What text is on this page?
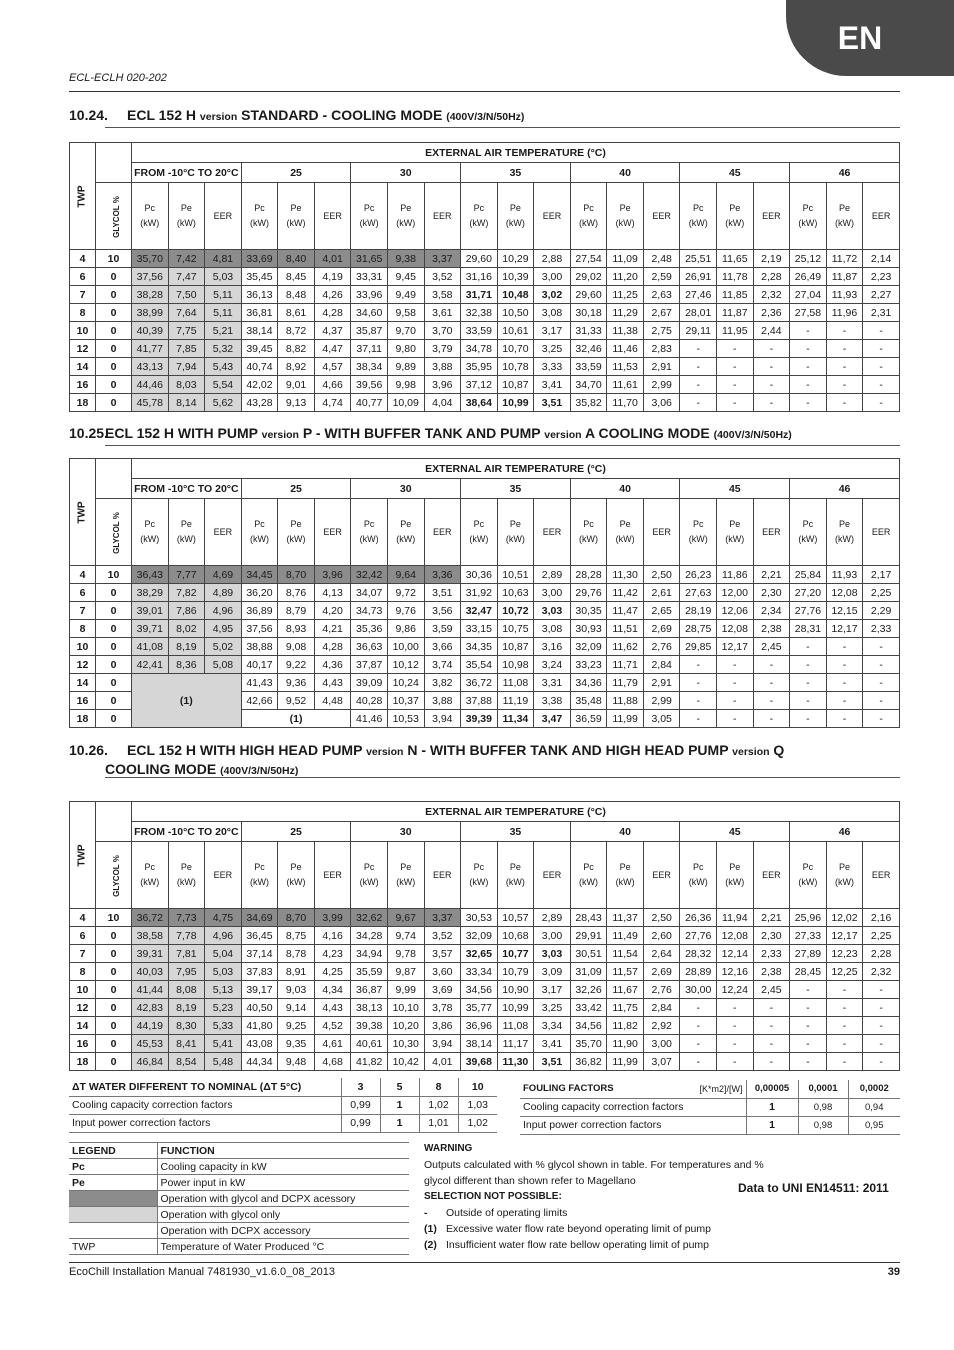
EN
ECL-ECLH 020-202
10.24. ECL 152 H version STANDARD - COOLING MODE (400V/3/N/50Hz)
10.25.ECL 152 H WITH PUMP version P - WITH BUFFER TANK AND PUMP version A COOLING MODE (400V/3/N/50Hz)
10.26. ECL 152 H WITH HIGH HEAD PUMP version N - WITH BUFFER TANK AND HIGH HEAD PUMP version Q
COOLING MODE (400V/3/N/50Hz)
TWP		EXTERNAL AIR TEMPERATURE (°C)																				
		FROM -10°C TO 20°C			25			30			35			40			45			46		
	GLYCOL %	Pc
(kW)	Pe
(kW)	EER	Pc
(kW)	Pe
(kW)	EER	Pc
(kW)	Pe
(kW)	EER	Pc
(kW)	Pe
(kW)	EER	Pc
(kW)	Pe
(kW)	EER	Pc
(kW)	Pe
(kW)	EER	Pc
(kW)	Pe
(kW)	EER
4	10	35,70	7,42	4,81	33,69	8,40	4,01	31,65	9,38	3,37	29,60	10,29	2,88	27,54	11,09	2,48	25,51	11,65	2,19	25,12	11,72	2,14
6	0	37,56	7,47	5,03	35,45	8,45	4,19	33,31	9,45	3,52	31,16	10,39	3,00	29,02	11,20	2,59	26,91	11,78	2,28	26,49	11,87	2,23
7	0	38,28	7,50	5,11	36,13	8,48	4,26	33,96	9,49	3,58	31,71	10,48	3,02	29,60	11,25	2,63	27,46	11,85	2,32	27,04	11,93	2,27
8	0	38,99	7,64	5,11	36,81	8,61	4,28	34,60	9,58	3,61	32,38	10,50	3,08	30,18	11,29	2,67	28,01	11,87	2,36	27,58	11,96	2,31
10	0	40,39	7,75	5,21	38,14	8,72	4,37	35,87	9,70	3,70	33,59	10,61	3,17	31,33	11,38	2,75	29,11	11,95	2,44	-	-	-
12	0	41,77	7,85	5,32	39,45	8,82	4,47	37,11	9,80	3,79	34,78	10,70	3,25	32,46	11,46	2,83	-	-	-	-	-	-
14	0	43,13	7,94	5,43	40,74	8,92	4,57	38,34	9,89	3,88	35,95	10,78	3,33	33,59	11,53	2,91	-	-	-	-	-	-
16	0	44,46	8,03	5,54	42,02	9,01	4,66	39,56	9,98	3,96	37,12	10,87	3,41	34,70	11,61	2,99	-	-	-	-	-	-
18	0	45,78	8,14	5,62	43,28	9,13	4,74	40,77	10,09	4,04	38,64	10,99	3,51	35,82	11,70	3,06	-	-	-	-	-	-
TWP		EXTERNAL AIR TEMPERATURE (°C)																				
		FROM -10°C TO 20°C			25			30			35			40			45			46		
	GLYCOL %	Pc
(kW)	Pe
(kW)	EER	Pc
(kW)	Pe
(kW)	EER	Pc
(kW)	Pe
(kW)	EER	Pc
(kW)	Pe
(kW)	EER	Pc
(kW)	Pe
(kW)	EER	Pc
(kW)	Pe
(kW)	EER	Pc
(kW)	Pe
(kW)	EER
4	10	36,43	7,77	4,69	34,45	8,70	3,96	32,42	9,64	3,36	30,36	10,51	2,89	28,28	11,30	2,50	26,23	11,86	2,21	25,84	11,93	2,17
6	0	38,29	7,82	4,89	36,20	8,76	4,13	34,07	9,72	3,51	31,92	10,63	3,00	29,76	11,42	2,61	27,63	12,00	2,30	27,20	12,08	2,25
7	0	39,01	7,86	4,96	36,89	8,79	4,20	34,73	9,76	3,56	32,47	10,72	3,03	30,35	11,47	2,65	28,19	12,06	2,34	27,76	12,15	2,29
8	0	39,71	8,02	4,95	37,56	8,93	4,21	35,36	9,86	3,59	33,15	10,75	3,08	30,93	11,51	2,69	28,75	12,08	2,38	28,31	12,17	2,33
10	0	41,08	8,19	5,02	38,88	9,08	4,28	36,63	10,00	3,66	34,35	10,87	3,16	32,09	11,62	2,76	29,85	12,17	2,45	-	-	-
12	0	42,41	8,36	5,08	40,17	9,22	4,36	37,87	10,12	3,74	35,54	10,98	3,24	33,23	11,71	2,84	-	-	-	-	-	-
14	0	(1)			41,43	9,36	4,43	39,09	10,24	3,82	36,72	11,08	3,31	34,36	11,79	2,91	-	-	-	-	-	-
16	0				42,66	9,52	4,48	40,28	10,37	3,88	37,88	11,19	3,38	35,48	11,88	2,99	-	-	-	-	-	-
18	0				(1)			41,46	10,53	3,94	39,39	11,34	3,47	36,59	11,99	3,05	-	-	-	-	-	-
TWP		EXTERNAL AIR TEMPERATURE (°C)																				
		FROM -10°C TO 20°C			25			30			35			40			45			46		
	GLYCOL %	Pc
(kW)	Pe
(kW)	EER	Pc
(kW)	Pe
(kW)	EER	Pc
(kW)	Pe
(kW)	EER	Pc
(kW)	Pe
(kW)	EER	Pc
(kW)	Pe
(kW)	EER	Pc
(kW)	Pe
(kW)	EER	Pc
(kW)	Pe
(kW)	EER
4	10	36,72	7,73	4,75	34,69	8,70	3,99	32,62	9,67	3,37	30,53	10,57	2,89	28,43	11,37	2,50	26,36	11,94	2,21	25,96	12,02	2,16
6	0	38,58	7,78	4,96	36,45	8,75	4,16	34,28	9,74	3,52	32,09	10,68	3,00	29,91	11,49	2,60	27,76	12,08	2,30	27,33	12,17	2,25
7	0	39,31	7,81	5,04	37,14	8,78	4,23	34,94	9,78	3,57	32,65	10,77	3,03	30,51	11,54	2,64	28,32	12,14	2,33	27,89	12,23	2,28
8	0	40,03	7,95	5,03	37,83	8,91	4,25	35,59	9,87	3,60	33,34	10,79	3,09	31,09	11,57	2,69	28,89	12,16	2,38	28,45	12,25	2,32
10	0	41,44	8,08	5,13	39,17	9,03	4,34	36,87	9,99	3,69	34,56	10,90	3,17	32,26	11,67	2,76	30,00	12,24	2,45	-	-	-
12	0	42,83	8,19	5,23	40,50	9,14	4,43	38,13	10,10	3,78	35,77	10,99	3,25	33,42	11,75	2,84	-	-	-	-	-	-
14	0	44,19	8,30	5,33	41,80	9,25	4,52	39,38	10,20	3,86	36,96	11,08	3,34	34,56	11,82	2,92	-	-	-	-	-	-
16	0	45,53	8,41	5,41	43,08	9,35	4,61	40,61	10,30	3,94	38,14	11,17	3,41	35,70	11,90	3,00	-	-	-	-	-	-
18	0	46,84	8,54	5,48	44,34	9,48	4,68	41,82	10,42	4,01	39,68	11,30	3,51	36,82	11,99	3,07	-	-	-	-	-	-
ΔT WATER DIFFERENT TO NOMINAL (ΔT 5°C)	3	5	8	10
Cooling capacity correction factors	0,99	1	1,02	1,03
Input power correction factors	0,99	1	1,01	1,02
FOULING FACTORS	[K*m2]/[W]	0,00005	0,0001	0,0002
Cooling capacity correction factors		1	0,98	0,94
Input power correction factors		1	0,98	0,95
LEGEND	FUNCTION
Pc	Cooling capacity in kW
Pe	Power input in kW
	Operation with glycol and DCPX acessory
	Operation with glycol only
	Operation with DCPX accessory
TWP	Temperature of Water Produced °C
WARNING
Outputs calculated with % glycol shown in table. For temperatures and % glycol different than shown refer to Magellano
SELECTION NOT POSSIBLE:
-	Outside of operating limits
(1) Excessive water flow rate beyond operating limit of pump
(2) Insufficient water flow rate bellow operating limit of pump
Data to UNI EN14511: 2011
EcoChill Installation Manual 7481930_v1.6.0_08_2013	39
